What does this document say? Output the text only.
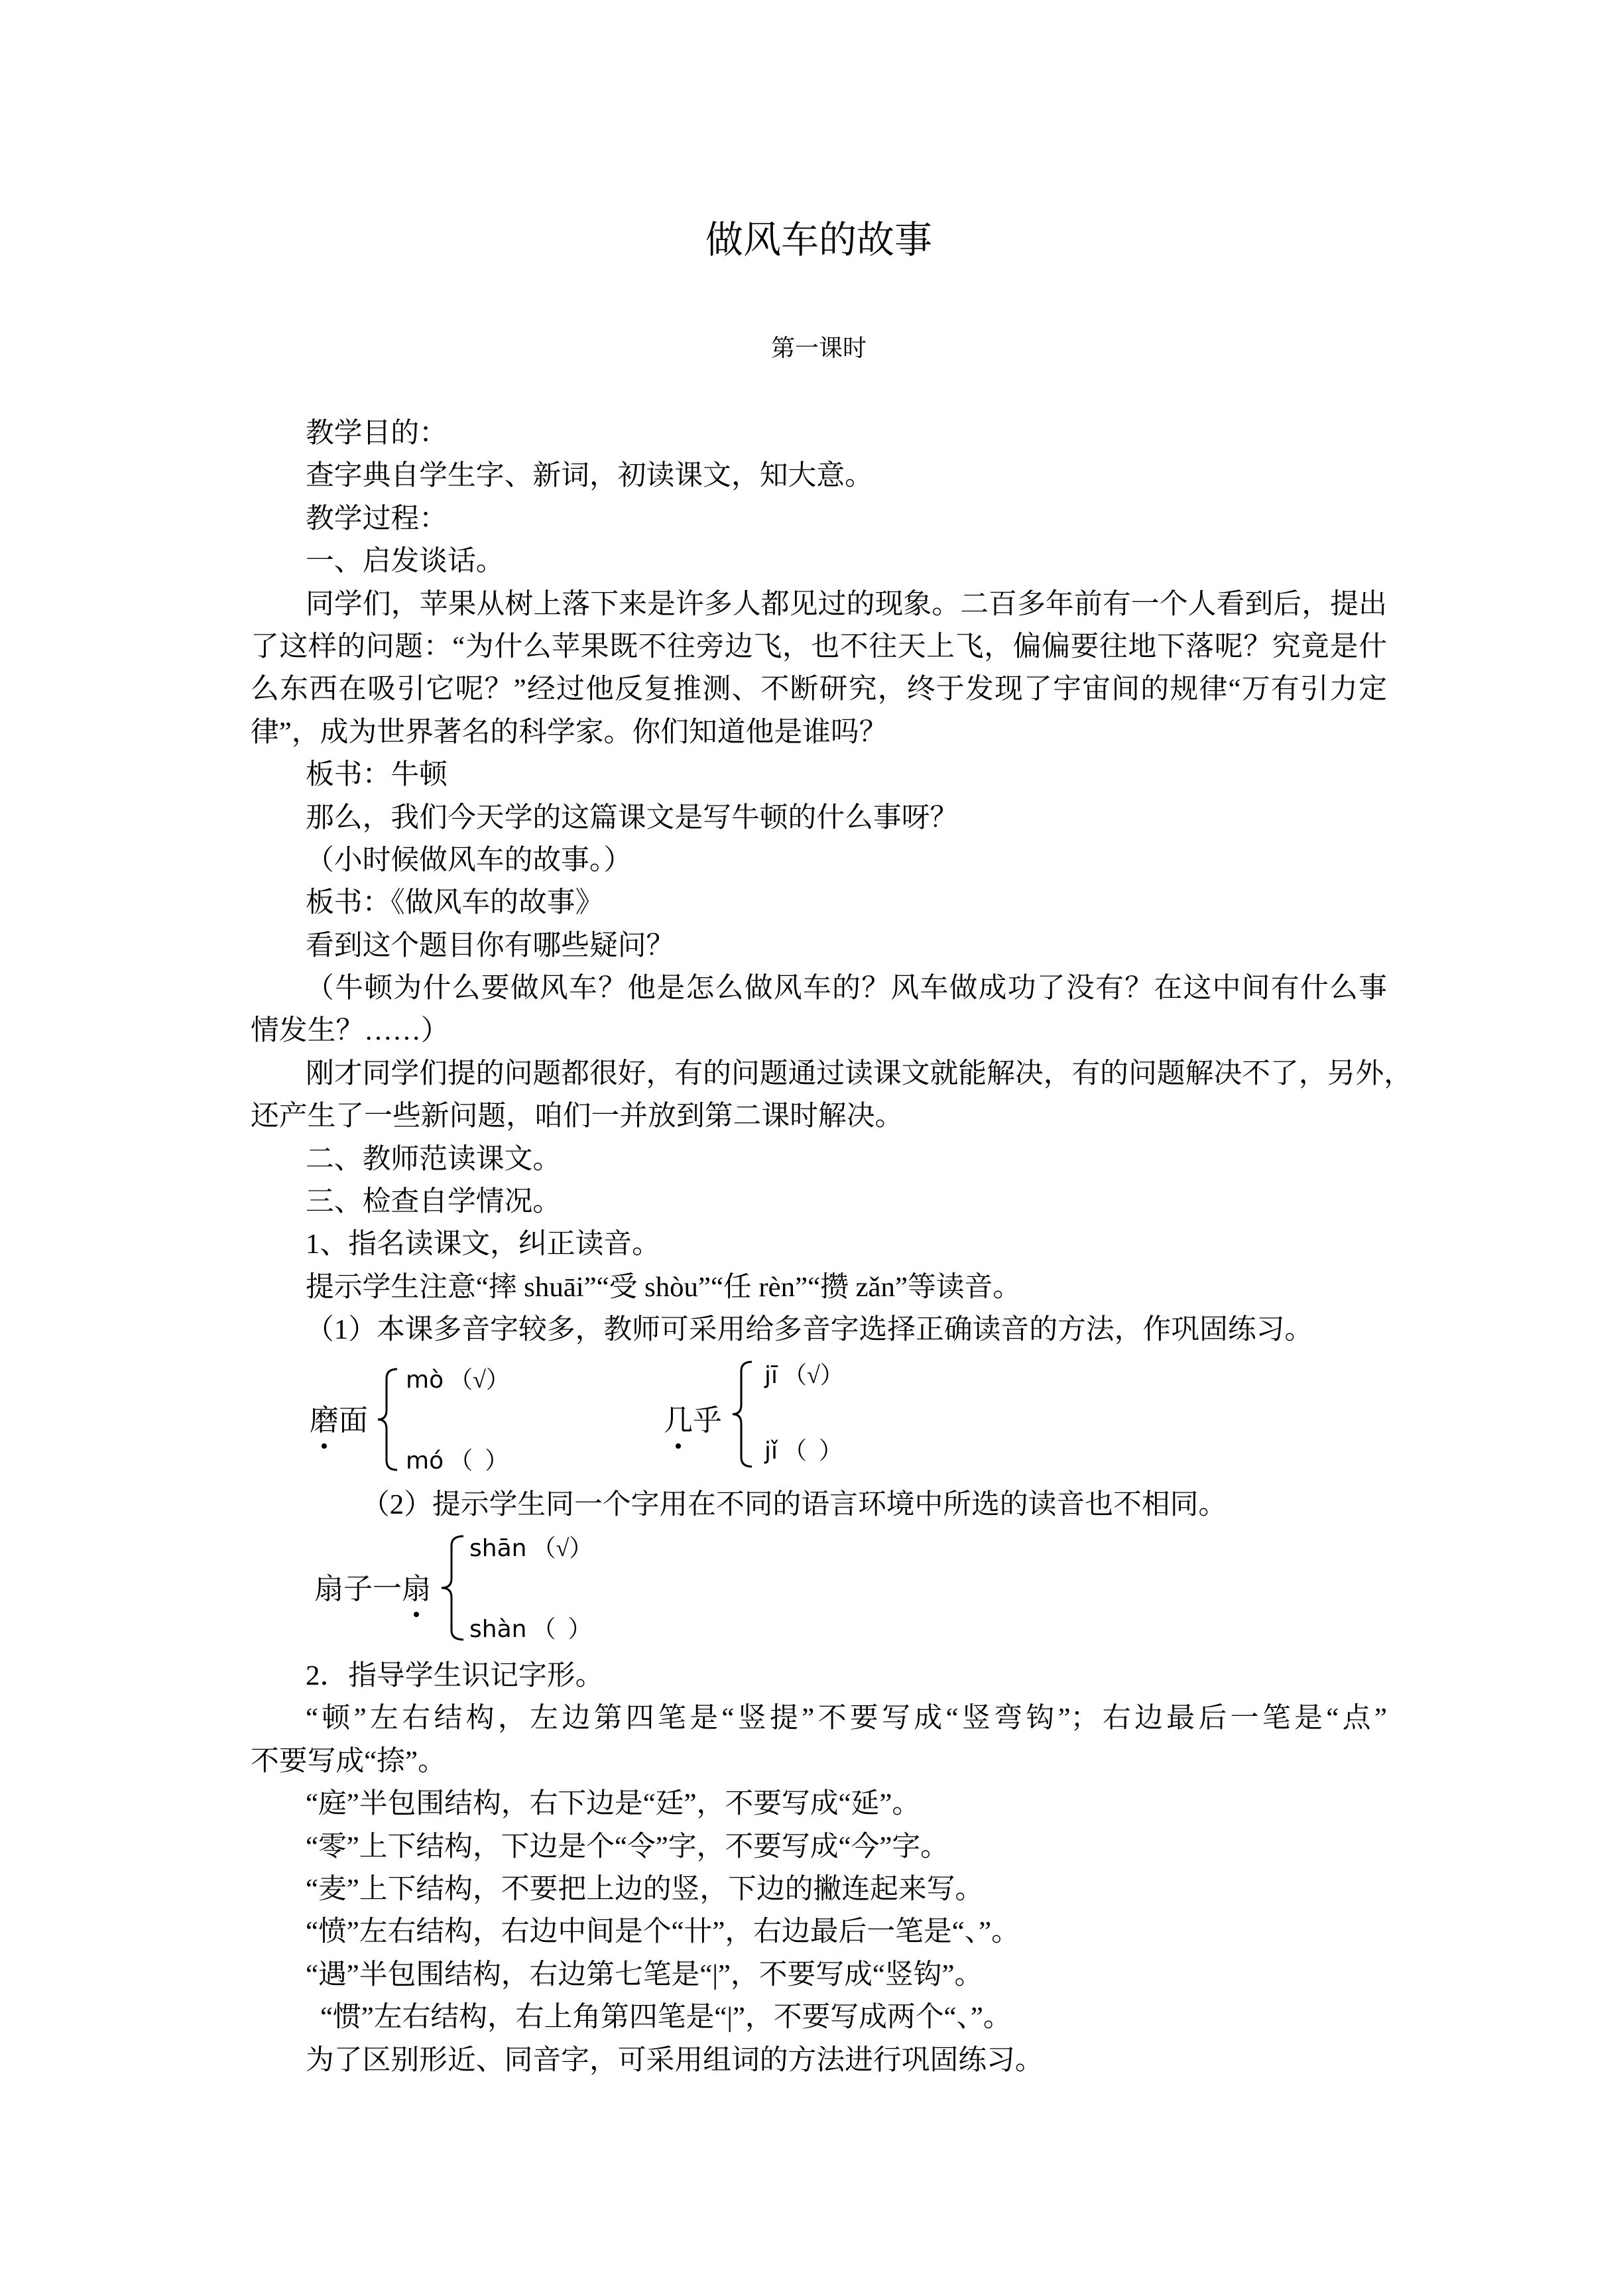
做风车的故事
第一课时
教学目的：
查字典自学生字、新词，初读课文，知大意。
教学过程：
一、启发谈话。
同学们，苹果从树上落下来是许多人都见过的现象。二百多年前有一个人看到后，提出
了这样的问题：“为什么苹果既不往旁边飞，也不往天上飞，偏偏要往地下落呢？究竟是什
么东西在吸引它呢？”经过他反复推测、不断研究，终于发现了宇宙间的规律“万有引力定
律”，成为世界著名的科学家。你们知道他是谁吗？
板书：牛顿
那么，我们今天学的这篇课文是写牛顿的什么事呀？
（小时候做风车的故事。）
板书：《做风车的故事》
看到这个题目你有哪些疑问？
（牛顿为什么要做风车？他是怎么做风车的？风车做成功了没有？在这中间有什么事
情发生？……）
刚才同学们提的问题都很好，有的问题通过读课文就能解决，有的问题解决不了，另外，
还产生了一些新问题，咱们一并放到第二课时解决。
二、教师范读课文。
三、检查自学情况。
1、指名读课文，纠正读音。
提示学生注意“摔 shuāi”“受 shòu”“任 rèn”“攒 zǎn”等读音。
（1）本课多音字较多，教师可采用给多音字选择正确读音的方法，作巩固练习。
磨面
mò （√）
mó （  ）
几乎
jī （√）
jǐ （  ）
（2）提示学生同一个字用在不同的语言环境中所选的读音也不相同。
扇子一扇
shān （√）
shàn （  ）
2．指导学生识记字形。
“顿”左右结构，左边第四笔是“竖提”不要写成“竖弯钩”；右边最后一笔是“点”
不要写成“捺”。
“庭”半包围结构，右下边是“廷”，不要写成“延”。
“零”上下结构，下边是个“令”字，不要写成“今”字。
“麦”上下结构，不要把上边的竖，下边的撇连起来写。
“愤”左右结构，右边中间是个“卄”，右边最后一笔是“、”。
“遇”半包围结构，右边第七笔是“|”，不要写成“竖钩”。
“惯”左右结构，右上角第四笔是“|”，不要写成两个“、”。
为了区别形近、同音字，可采用组词的方法进行巩固练习。
